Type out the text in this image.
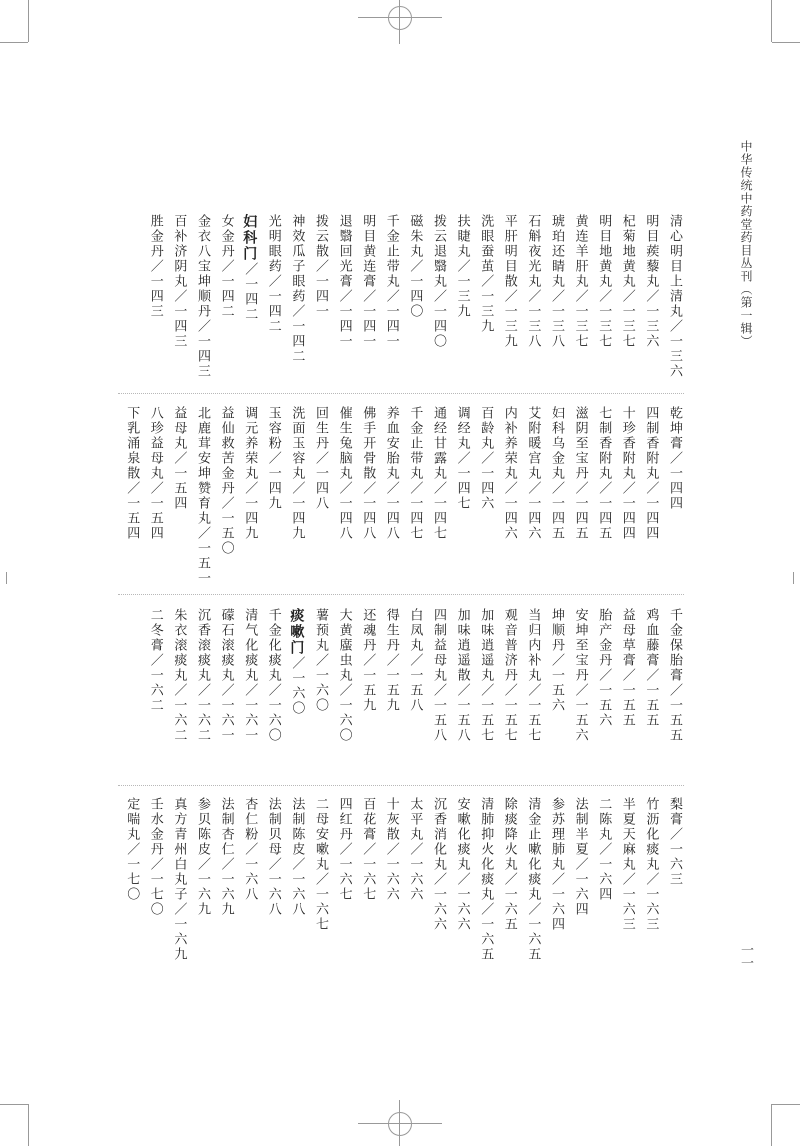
中华传统中药堂药目丛刊（第一辑）
一一
清心明目上清丸／一三六
明目蒺藜丸／一三六
杞菊地黄丸／一三七
明目地黄丸／一三七
黄连羊肝丸／一三七
琥珀还睛丸／一三八
石斛夜光丸／一三八
平肝明目散／一三九
洗眼蚕茧／一三九
扶睫丸／一三九
拨云退翳丸／一四〇
磁朱丸／一四〇
千金止带丸／一四一
明目黄连膏／一四一
退翳回光膏／一四一
拨云散／一四一
神效瓜子眼药／一四二
光明眼药／一四二
妇科门／一四二
女金丹／一四二
金衣八宝坤顺丹／一四三
百补济阴丸／一四三
胜金丹／一四三
乾坤膏／一四四
四制香附丸／一四四
十珍香附丸／一四四
七制香附丸／一四五
滋阴至宝丹／一四五
妇科乌金丸／一四五
艾附暖宫丸／一四六
内补养荣丸／一四六
百龄丸／一四六
调经丸／一四七
通经甘露丸／一四七
千金止带丸／一四七
养血安胎丸／一四八
佛手开骨散／一四八
催生兔脑丸／一四八
回生丹／一四八
洗面玉容丸／一四九
玉容粉／一四九
调元养荣丸／一四九
益仙救苦金丹／一五〇
北鹿茸安坤赞育丸／一五一
益母丸／一五四
八珍益母丸／一五四
下乳涌泉散／一五四
千金保胎膏／一五五
鸡血藤膏／一五五
益母草膏／一五五
胎产金丹／一五六
安坤至宝丹／一五六
坤顺丹／一五六
当归内补丸／一五七
观音普济丹／一五七
加味逍遥丸／一五七
加味逍遥散／一五八
四制益母丸／一五八
白凤丸／一五八
得生丹／一五九
还魂丹／一五九
大黄䗪虫丸／一六〇
薯预丸／一六〇
痰嗽门／一六〇
千金化痰丸／一六〇
清气化痰丸／一六一
礞石滚痰丸／一六一
沉香滚痰丸／一六二
朱衣滚痰丸／一六二
二冬膏／一六二
梨膏／一六三
竹沥化痰丸／一六三
半夏天麻丸／一六三
二陈丸／一六四
法制半夏／一六四
参苏理肺丸／一六四
清金止嗽化痰丸／一六五
除痰降火丸／一六五
清肺抑火化痰丸／一六五
安嗽化痰丸／一六六
沉香消化丸／一六六
太平丸／一六六
十灰散／一六六
百花膏／一六七
四红丹／一六七
二母安嗽丸／一六七
法制陈皮／一六八
法制贝母／一六八
杏仁粉／一六八
法制杏仁／一六九
参贝陈皮／一六九
真方青州白丸子／一六九
壬水金丹／一七〇
定喘丸／一七〇
